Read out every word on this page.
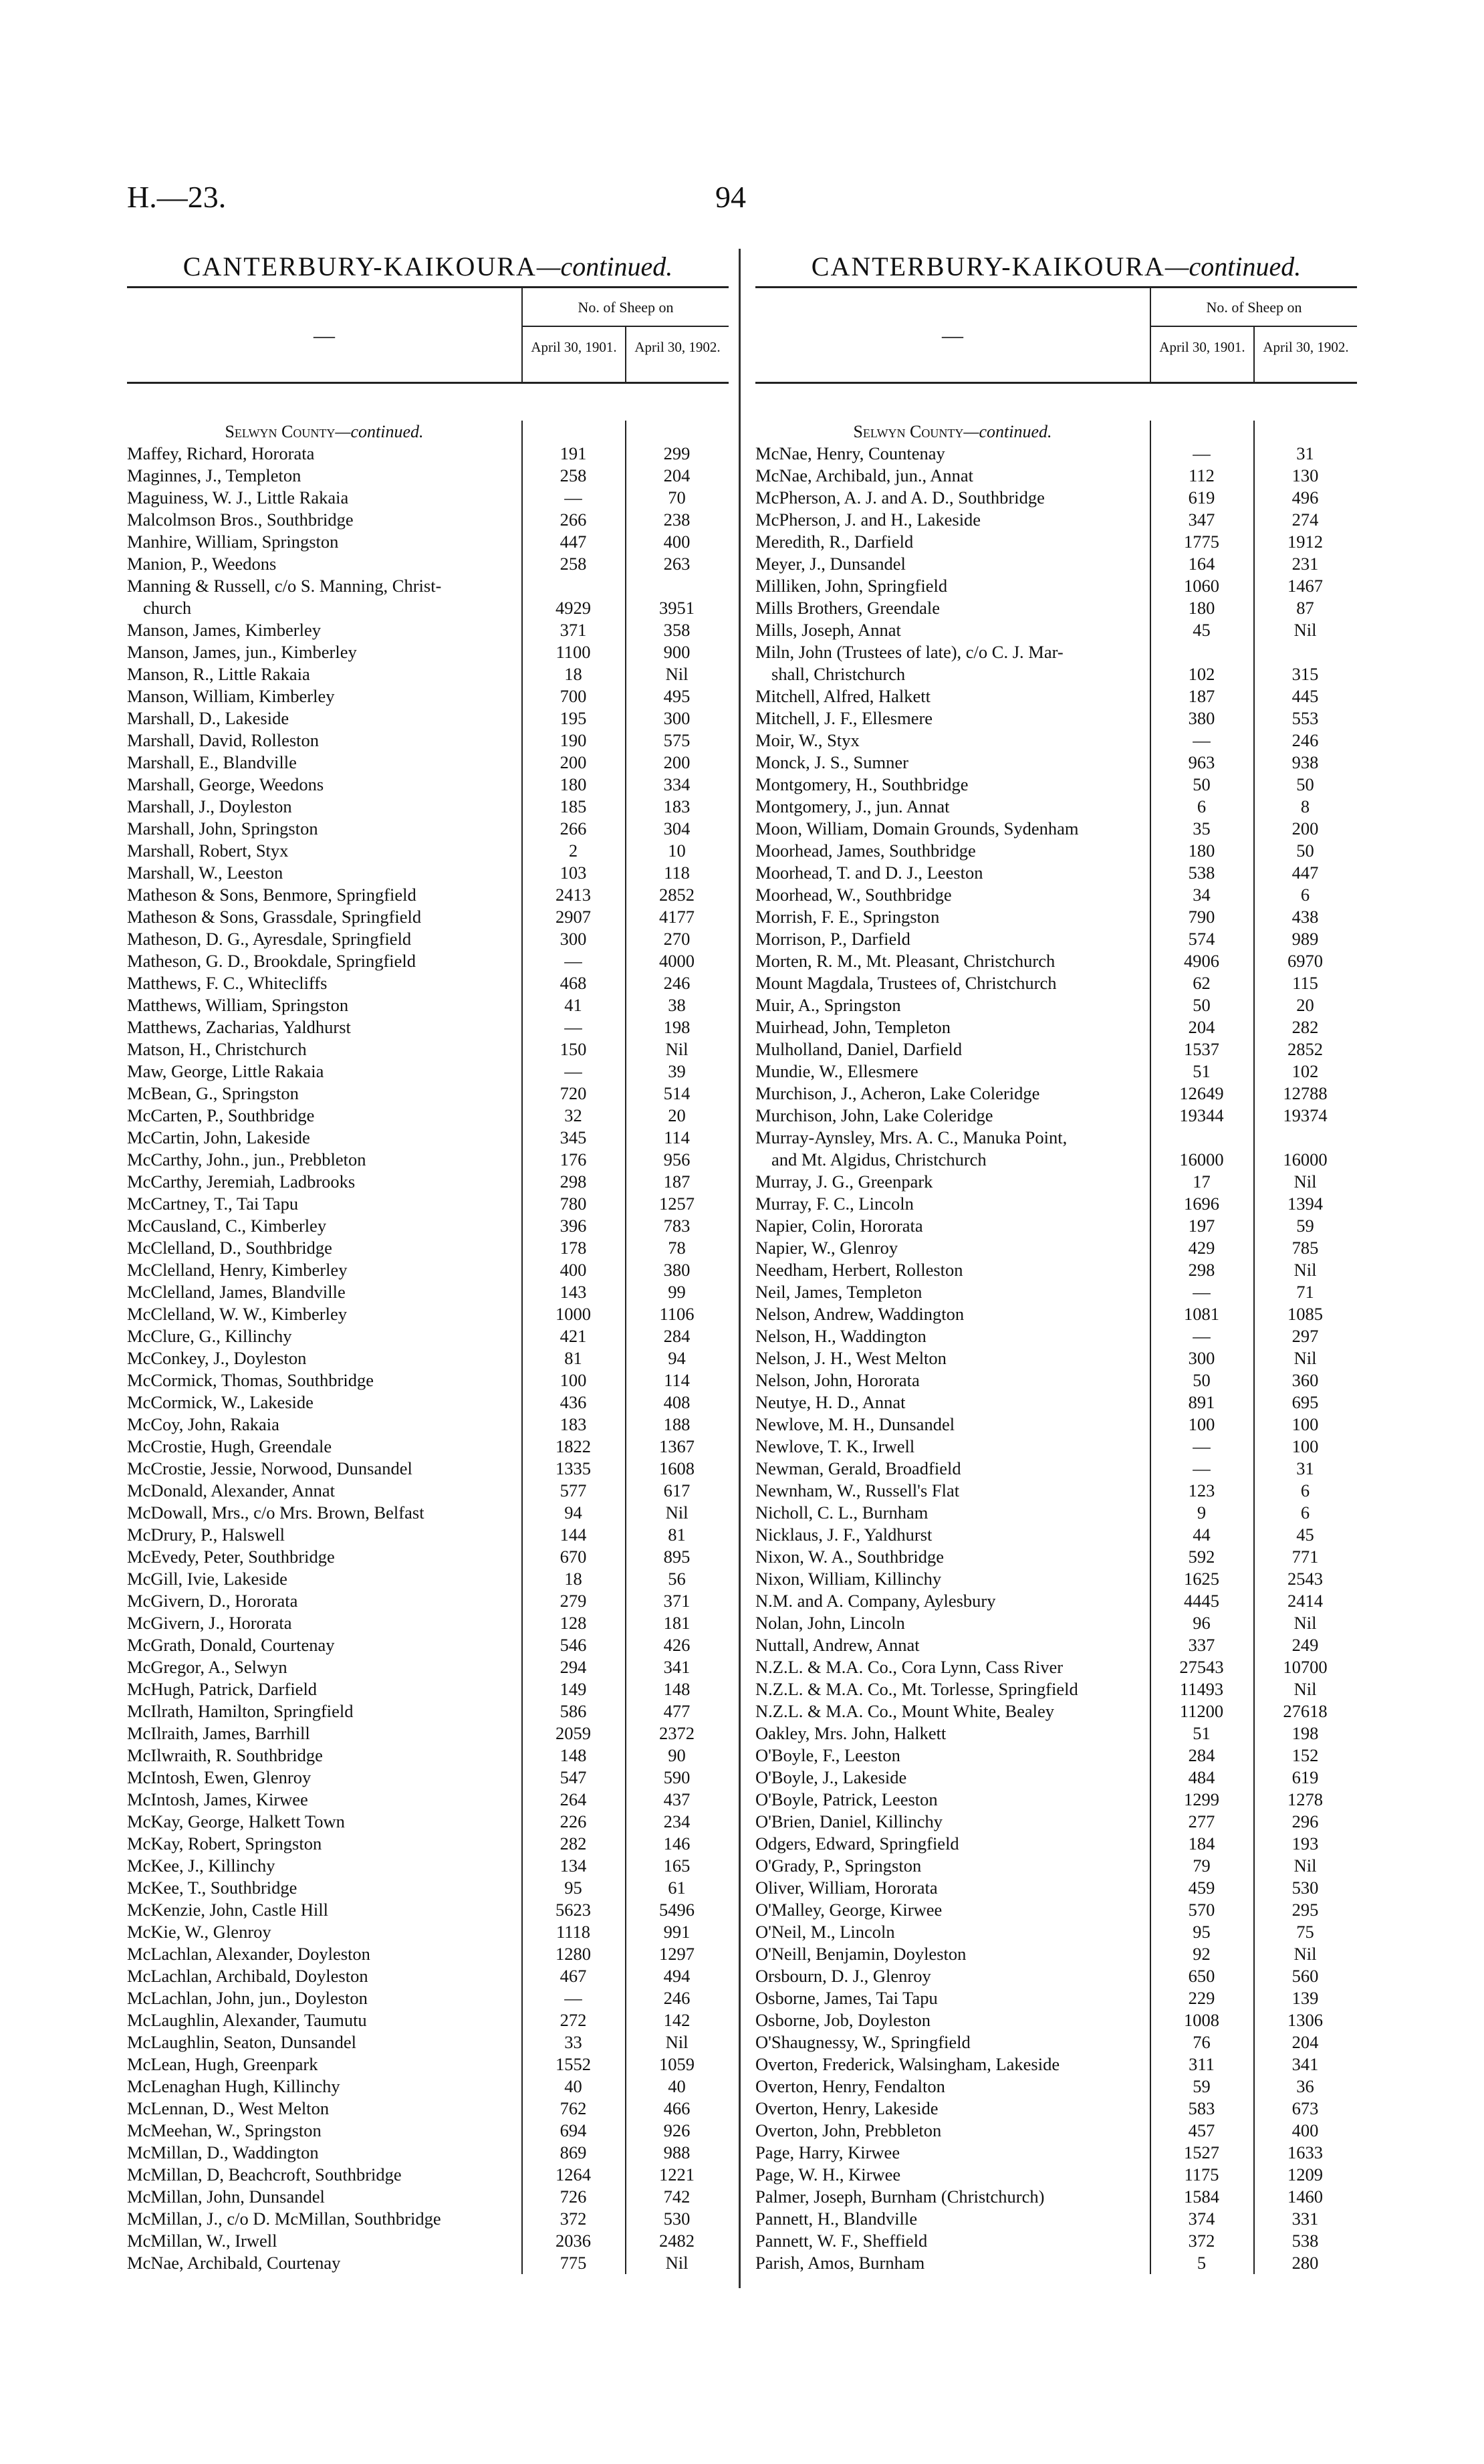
H.—23.	94
CANTERBURY-KAIKOURA—continued.
—
No. of Sheep on
April 30, 1901.	April 30, 1902.
Selwyn County—continued.
Maffey, Richard, Hororata	191	299
Maginnes, J., Templeton	258	204
Maguiness, W. J., Little Rakaia	—	70
Malcolmson Bros., Southbridge	266	238
Manhire, William, Springston	447	400
Manion, P., Weedons	258	263
Manning & Russell, c/o S. Manning, Christ-
church	4929	3951
Manson, James, Kimberley	371	358
Manson, James, jun., Kimberley	1100	900
Manson, R., Little Rakaia	18	Nil
Manson, William, Kimberley	700	495
Marshall, D., Lakeside	195	300
Marshall, David, Rolleston	190	575
Marshall, E., Blandville	200	200
Marshall, George, Weedons	180	334
Marshall, J., Doyleston	185	183
Marshall, John, Springston	266	304
Marshall, Robert, Styx	2	10
Marshall, W., Leeston	103	118
Matheson & Sons, Benmore, Springfield	2413	2852
Matheson & Sons, Grassdale, Springfield	2907	4177
Matheson, D. G., Ayresdale, Springfield	300	270
Matheson, G. D., Brookdale, Springfield	—	4000
Matthews, F. C., Whitecliffs	468	246
Matthews, William, Springston	41	38
Matthews, Zacharias, Yaldhurst	—	198
Matson, H., Christchurch	150	Nil
Maw, George, Little Rakaia	—	39
McBean, G., Springston	720	514
McCarten, P., Southbridge	32	20
McCartin, John, Lakeside	345	114
McCarthy, John., jun., Prebbleton	176	956
McCarthy, Jeremiah, Ladbrooks	298	187
McCartney, T., Tai Tapu	780	1257
McCausland, C., Kimberley	396	783
McClelland, D., Southbridge	178	78
McClelland, Henry, Kimberley	400	380
McClelland, James, Blandville	143	99
McClelland, W. W., Kimberley	1000	1106
McClure, G., Killinchy	421	284
McConkey, J., Doyleston	81	94
McCormick, Thomas, Southbridge	100	114
McCormick, W., Lakeside	436	408
McCoy, John, Rakaia	183	188
McCrostie, Hugh, Greendale	1822	1367
McCrostie, Jessie, Norwood, Dunsandel	1335	1608
McDonald, Alexander, Annat	577	617
McDowall, Mrs., c/o Mrs. Brown, Belfast	94	Nil
McDrury, P., Halswell	144	81
McEvedy, Peter, Southbridge	670	895
McGill, Ivie, Lakeside	18	56
McGivern, D., Hororata	279	371
McGivern, J., Hororata	128	181
McGrath, Donald, Courtenay	546	426
McGregor, A., Selwyn	294	341
McHugh, Patrick, Darfield	149	148
McIlrath, Hamilton, Springfield	586	477
McIlraith, James, Barrhill	2059	2372
McIlwraith, R. Southbridge	148	90
McIntosh, Ewen, Glenroy	547	590
McIntosh, James, Kirwee	264	437
McKay, George, Halkett Town	226	234
McKay, Robert, Springston	282	146
McKee, J., Killinchy	134	165
McKee, T., Southbridge	95	61
McKenzie, John, Castle Hill	5623	5496
McKie, W., Glenroy	1118	991
McLachlan, Alexander, Doyleston	1280	1297
McLachlan, Archibald, Doyleston	467	494
McLachlan, John, jun., Doyleston	—	246
McLaughlin, Alexander, Taumutu	272	142
McLaughlin, Seaton, Dunsandel	33	Nil
McLean, Hugh, Greenpark	1552	1059
McLenaghan Hugh, Killinchy	40	40
McLennan, D., West Melton	762	466
McMeehan, W., Springston	694	926
McMillan, D., Waddington	869	988
McMillan, D, Beachcroft, Southbridge	1264	1221
McMillan, John, Dunsandel	726	742
McMillan, J., c/o D. McMillan, Southbridge	372	530
McMillan, W., Irwell	2036	2482
McNae, Archibald, Courtenay	775	Nil
CANTERBURY-KAIKOURA—continued.
—
No. of Sheep on
April 30, 1901.	April 30, 1902.
Selwyn County—continued.
McNae, Henry, Countenay	—	31
McNae, Archibald, jun., Annat	112	130
McPherson, A. J. and A. D., Southbridge	619	496
McPherson, J. and H., Lakeside	347	274
Meredith, R., Darfield	1775	1912
Meyer, J., Dunsandel	164	231
Milliken, John, Springfield	1060	1467
Mills Brothers, Greendale	180	87
Mills, Joseph, Annat	45	Nil
Miln, John (Trustees of late), c/o C. J. Mar-
shall, Christchurch	102	315
Mitchell, Alfred, Halkett	187	445
Mitchell, J. F., Ellesmere	380	553
Moir, W., Styx	—	246
Monck, J. S., Sumner	963	938
Montgomery, H., Southbridge	50	50
Montgomery, J., jun. Annat	6	8
Moon, William, Domain Grounds, Sydenham	35	200
Moorhead, James, Southbridge	180	50
Moorhead, T. and D. J., Leeston	538	447
Moorhead, W., Southbridge	34	6
Morrish, F. E., Springston	790	438
Morrison, P., Darfield	574	989
Morten, R. M., Mt. Pleasant, Christchurch	4906	6970
Mount Magdala, Trustees of, Christchurch	62	115
Muir, A., Springston	50	20
Muirhead, John, Templeton	204	282
Mulholland, Daniel, Darfield	1537	2852
Mundie, W., Ellesmere	51	102
Murchison, J., Acheron, Lake Coleridge	12649	12788
Murchison, John, Lake Coleridge	19344	19374
Murray-Aynsley, Mrs. A. C., Manuka Point,
and Mt. Algidus, Christchurch	16000	16000
Murray, J. G., Greenpark	17	Nil
Murray, F. C., Lincoln	1696	1394
Napier, Colin, Hororata	197	59
Napier, W., Glenroy	429	785
Needham, Herbert, Rolleston	298	Nil
Neil, James, Templeton	—	71
Nelson, Andrew, Waddington	1081	1085
Nelson, H., Waddington	—	297
Nelson, J. H., West Melton	300	Nil
Nelson, John, Hororata	50	360
Neutye, H. D., Annat	891	695
Newlove, M. H., Dunsandel	100	100
Newlove, T. K., Irwell	—	100
Newman, Gerald, Broadfield	—	31
Newnham, W., Russell's Flat	123	6
Nicholl, C. L., Burnham	9	6
Nicklaus, J. F., Yaldhurst	44	45
Nixon, W. A., Southbridge	592	771
Nixon, William, Killinchy	1625	2543
N.M. and A. Company, Aylesbury	4445	2414
Nolan, John, Lincoln	96	Nil
Nuttall, Andrew, Annat	337	249
N.Z.L. & M.A. Co., Cora Lynn, Cass River	27543	10700
N.Z.L. & M.A. Co., Mt. Torlesse, Springfield	11493	Nil
N.Z.L. & M.A. Co., Mount White, Bealey	11200	27618
Oakley, Mrs. John, Halkett	51	198
O'Boyle, F., Leeston	284	152
O'Boyle, J., Lakeside	484	619
O'Boyle, Patrick, Leeston	1299	1278
O'Brien, Daniel, Killinchy	277	296
Odgers, Edward, Springfield	184	193
O'Grady, P., Springston	79	Nil
Oliver, William, Hororata	459	530
O'Malley, George, Kirwee	570	295
O'Neil, M., Lincoln	95	75
O'Neill, Benjamin, Doyleston	92	Nil
Orsbourn, D. J., Glenroy	650	560
Osborne, James, Tai Tapu	229	139
Osborne, Job, Doyleston	1008	1306
O'Shaugnessy, W., Springfield	76	204
Overton, Frederick, Walsingham, Lakeside	311	341
Overton, Henry, Fendalton	59	36
Overton, Henry, Lakeside	583	673
Overton, John, Prebbleton	457	400
Page, Harry, Kirwee	1527	1633
Page, W. H., Kirwee	1175	1209
Palmer, Joseph, Burnham (Christchurch)	1584	1460
Pannett, H., Blandville	374	331
Pannett, W. F., Sheffield	372	538
Parish, Amos, Burnham	5	280
